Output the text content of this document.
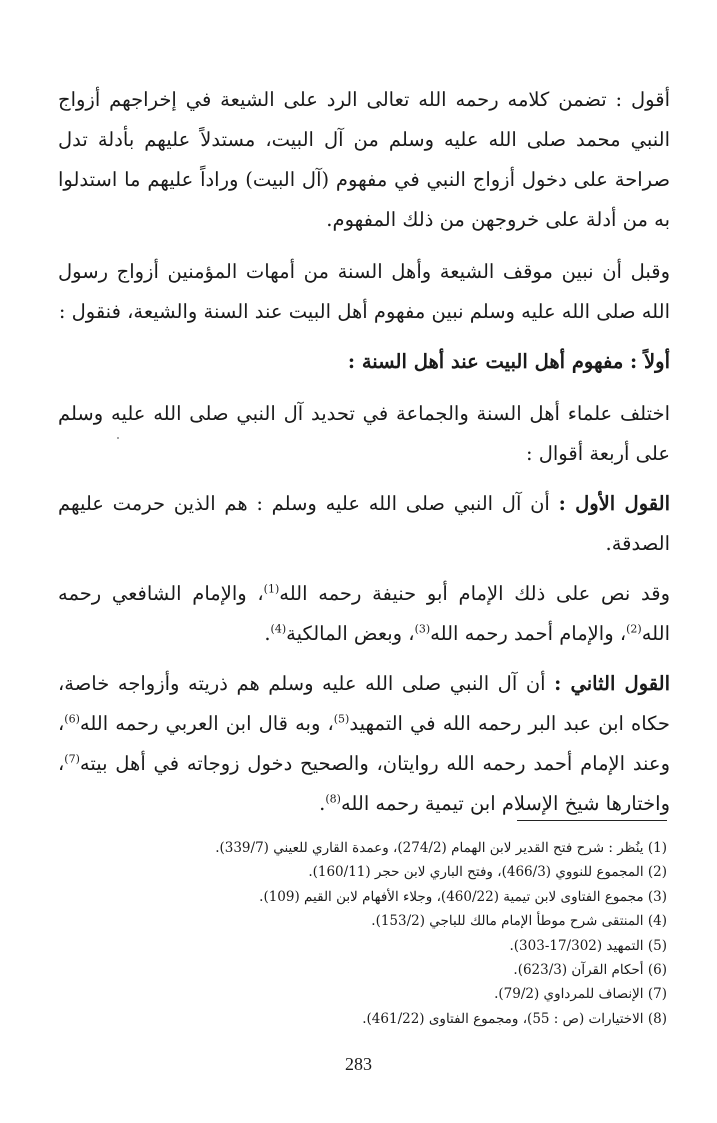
أقول : تضمن كلامه رحمه الله تعالى الرد على الشيعة في إخراجهم أزواج النبي محمد صلى الله عليه وسلم من آل البيت، مستدلاً عليهم بأدلة تدل صراحة على دخول أزواج النبي في مفهوم (آل البيت) وراداً عليهم ما استدلوا به من أدلة على خروجهن من ذلك المفهوم.

وقبل أن نبين موقف الشيعة وأهل السنة من أمهات المؤمنين أزواج رسول الله صلى الله عليه وسلم نبين مفهوم أهل البيت عند السنة والشيعة، فنقول :

أولاً : مفهوم أهل البيت عند أهل السنة :

اختلف علماء أهل السنة والجماعة في تحديد آل النبي صلى الله عليه وسلم على أربعة أقوال :

القول الأول : أن آل النبي صلى الله عليه وسلم : هم الذين حرمت عليهم الصدقة.

وقد نص على ذلك الإمام أبو حنيفة رحمه الله$^{(1)}$، والإمام الشافعي رحمه الله$^{(2)}$، والإمام أحمد رحمه الله$^{(3)}$، وبعض المالكية$^{(4)}$.

القول الثاني : أن آل النبي صلى الله عليه وسلم هم ذريته وأزواجه خاصة، حكاه ابن عبد البر رحمه الله في التمهيد$^{(5)}$، وبه قال ابن العربي رحمه الله$^{(6)}$، وعند الإمام أحمد رحمه الله روايتان، والصحيح دخول زوجاته في أهل بيته$^{(7)}$، واختارها شيخ الإسلام ابن تيمية رحمه الله$^{(8)}$.

(1) ينُظر : شرح فتح القدير لابن الهمام (274/2)، وعمدة القاري للعيني (339/7).
(2) المجموع للنووي (466/3)، وفتح الباري لابن حجر (160/11).
(3) مجموع الفتاوى لابن تيمية (460/22)، وجلاء الأفهام لابن القيم (109).
(4) المنتقى شرح موطأ الإمام مالك للباجي (153/2).
(5) التمهيد (17/302-303).
(6) أحكام القرآن (623/3).
(7) الإنصاف للمرداوي (79/2).
(8) الاختيارات (ص : 55)، ومجموع الفتاوى (461/22).
283
